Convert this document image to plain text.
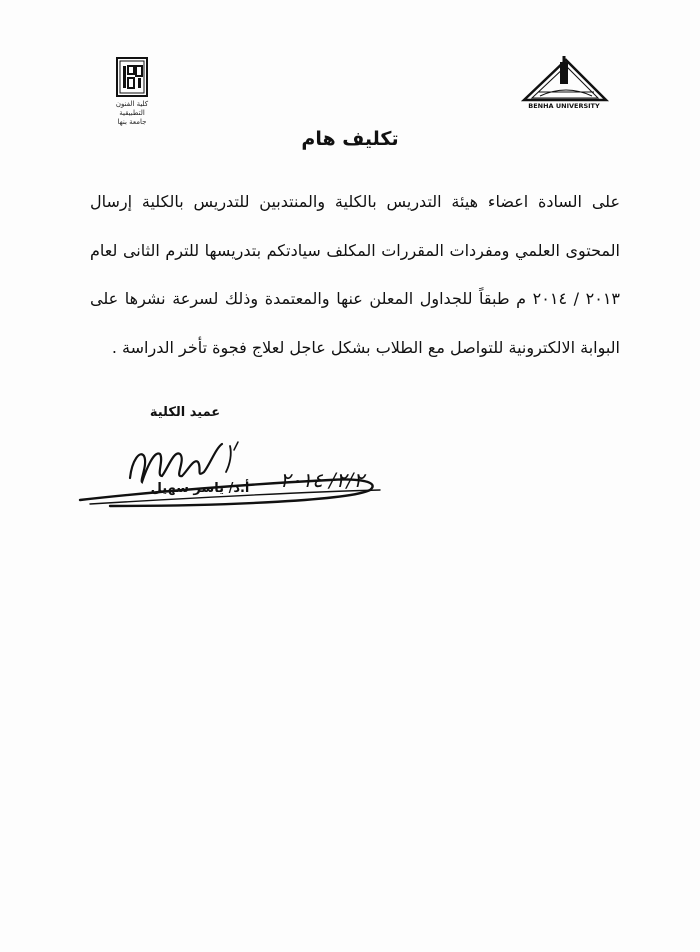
BENHA UNIVERSITY
كلية الفنون التطبيقية
جامعة بنها
تكليف هام
على السادة اعضاء هيئة التدريس بالكلية والمنتدبين للتدريس بالكلية إرسال
المحتوى العلمي ومفردات المقررات المكلف سيادتكم بتدريسها للترم الثانى لعام
٢٠١٣ / ٢٠١٤ م طبقاً للجداول المعلن عنها والمعتمدة وذلك لسرعة نشرها على
البوابة الالكترونية للتواصل مع الطلاب بشكل عاجل لعلاج فجوة تأخر الدراسة .
عميد الكلية
أ.د/ ياسر سهيل	٢/٢/ ٢٠١٤
